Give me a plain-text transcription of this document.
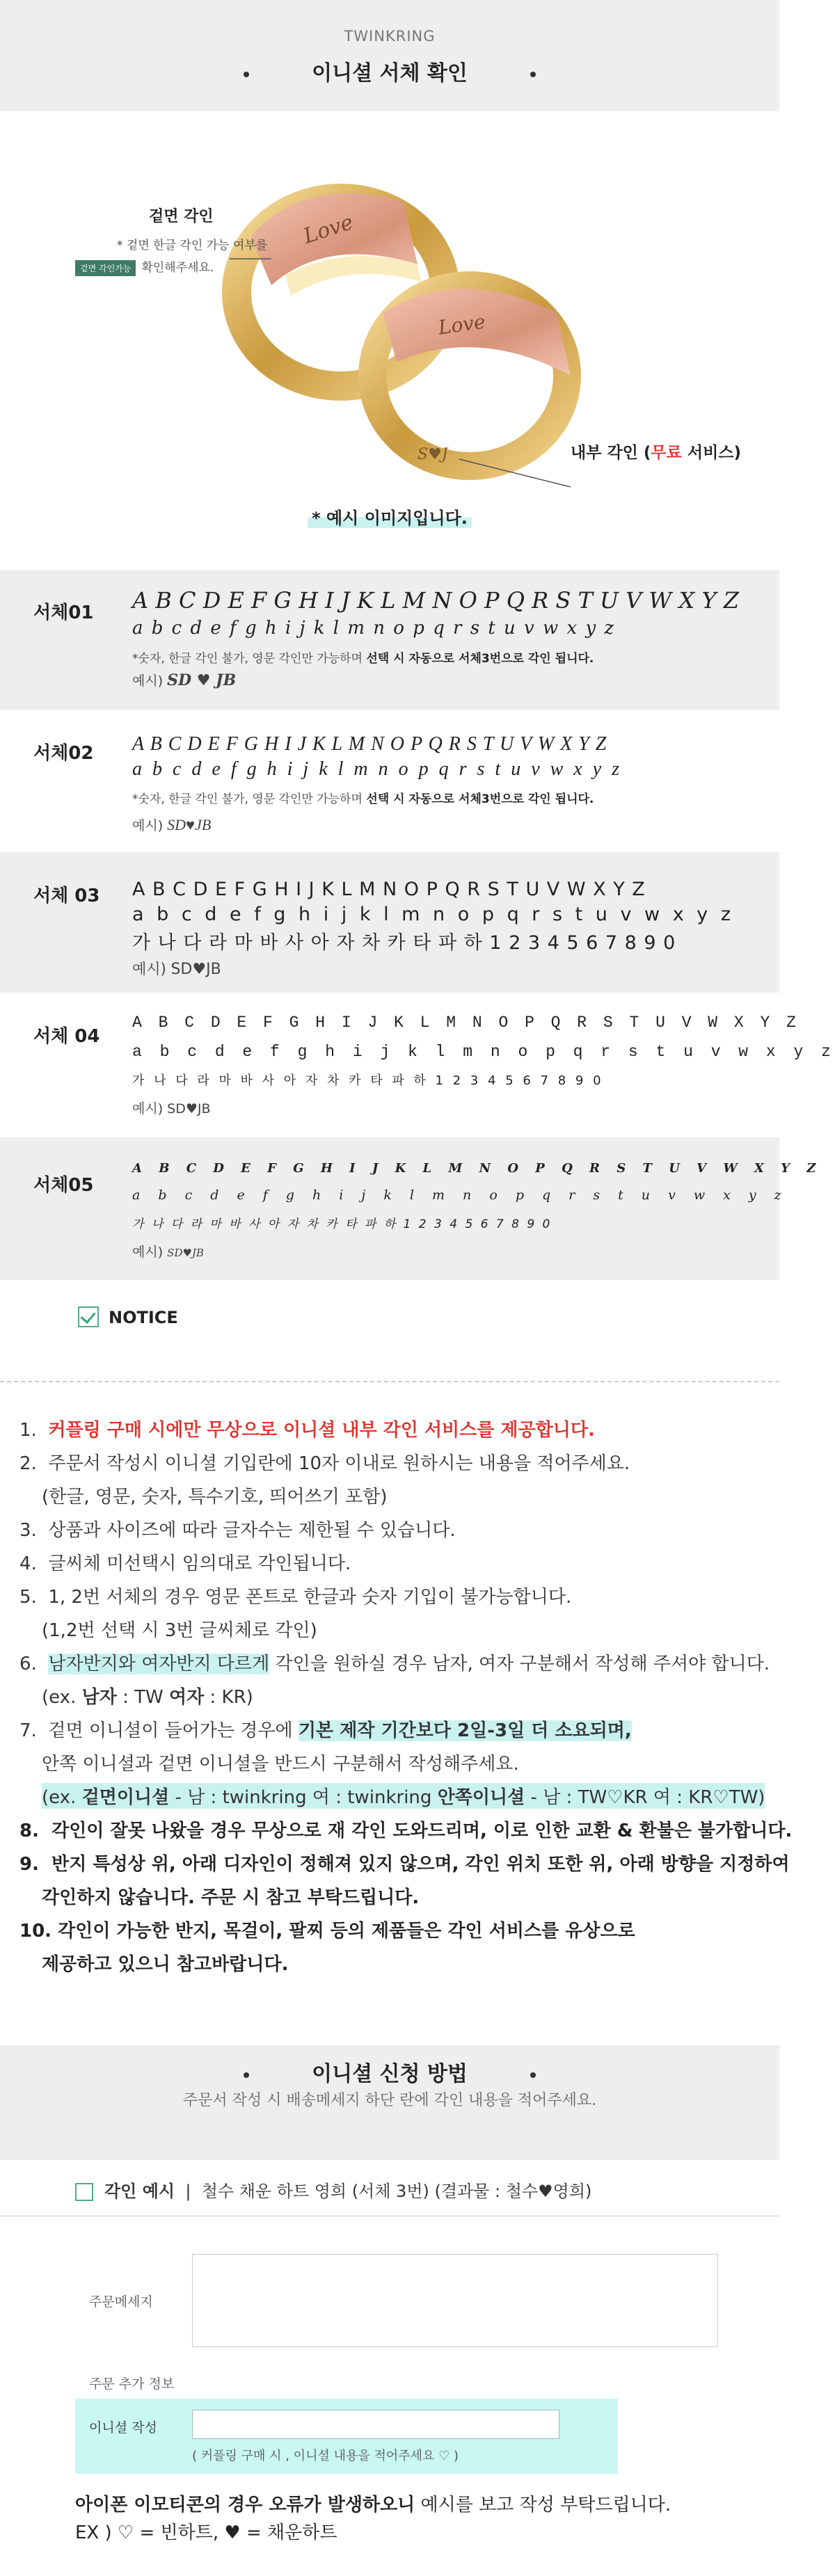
TWINKRING
이니셜 서체 확인
Love
Love
S♥J
겉면 각인
* 겉면 한글 각인 가능 여부를
겉면 각인가능 확인해주세요.
내부 각인 (무료 서비스)
* 예시 이미지입니다.
서체01 A B C D E F G H I J K L M N O P Q R S T U V W X Y Z
a b c d e f g h i j k l m n o p q r s t u v w x y z
*숫자, 한글 각인 불가, 영문 각인만 가능하며 선택 시 자동으로 서체3번으로 각인 됩니다.
예시) SD ♥ JB
서체02 A B C D E F G H I J K L M N O P Q R S T U V W X Y Z
a b c d e f g h i j k l m n o p q r s t u v w x y z
*숫자, 한글 각인 불가, 영문 각인만 가능하며 선택 시 자동으로 서체3번으로 각인 됩니다.
예시) SD♥JB
서체 03 A B C D E F G H I J K L M N O P Q R S T U V W X Y Z
a b c d e f g h i j k l m n o p q r s t u v w x y z
가 나 다 라 마 바 사 아 자 차 카 타 파 하 1 2 3 4 5 6 7 8 9 0
예시) SD♥JB
서체 04
A B C D E F G H I J K L M N O P Q R S T U V W X Y Z
a b c d e f g h i j k l m n o p q r s t u v w x y z
가 나 다 라 마 바 사 아 자 차 카 타 파 하 1 2 3 4 5 6 7 8 9 0
예시) SD♥JB
서체05
A B C D E F G H I J K L M N O P Q R S T U V W X Y Z
a b c d e f g h i j k l m n o p q r s t u v w x y z
가 나 다 라 마 바 사 아 자 차 카 타 파 하 1 2 3 4 5 6 7 8 9 0
예시) SD♥JB
NOTICE
1.  커플링 구매 시에만 무상으로 이니셜 내부 각인 서비스를 제공합니다.
2.  주문서 작성시 이니셜 기입란에 10자 이내로 원하시는 내용을 적어주세요.
(한글, 영문, 숫자, 특수기호, 띄어쓰기 포함)
3.  상품과 사이즈에 따라 글자수는 제한될 수 있습니다.
4.  글씨체 미선택시 임의대로 각인됩니다.
5.  1, 2번 서체의 경우 영문 폰트로 한글과 숫자 기입이 불가능합니다.
(1,2번 선택 시 3번 글씨체로 각인)
6.  남자반지와 여자반지 다르게 각인을 원하실 경우 남자, 여자 구분해서 작성해 주셔야 합니다.
(ex. 남자 : TW 여자 : KR)
7.  겉면 이니셜이 들어가는 경우에 기본 제작 기간보다 2일-3일 더 소요되며,
안쪽 이니셜과 겉면 이니셜을 반드시 구분해서 작성해주세요.
(ex. 겉면이니셜 - 남 : twinkring 여 : twinkring 안쪽이니셜 - 남 : TW♡KR 여 : KR♡TW)
8.  각인이 잘못 나왔을 경우 무상으로 재 각인 도와드리며, 이로 인한 교환 & 환불은 불가합니다.
9.  반지 특성상 위, 아래 디자인이 정해져 있지 않으며, 각인 위치 또한 위, 아래 방향을 지정하여
각인하지 않습니다. 주문 시 참고 부탁드립니다.
10. 각인이 가능한 반지, 목걸이, 팔찌 등의 제품들은 각인 서비스를 유상으로
제공하고 있으니 참고바랍니다.
이니셜 신청 방법
주문서 작성 시 배송메세지 하단 란에 각인 내용을 적어주세요.
각인 예시  |  철수 채운 하트 영희 (서체 3번) (결과물 : 철수♥영희)
주문메세지
주문 추가 정보
이니셜 작성
( 커플링 구매 시 , 이니셜 내용을 적어주세요 ♡ )
아이폰 이모티콘의 경우 오류가 발생하오니 예시를 보고 작성 부탁드립니다.
EX ) ♡ = 빈하트, ♥ = 채운하트
